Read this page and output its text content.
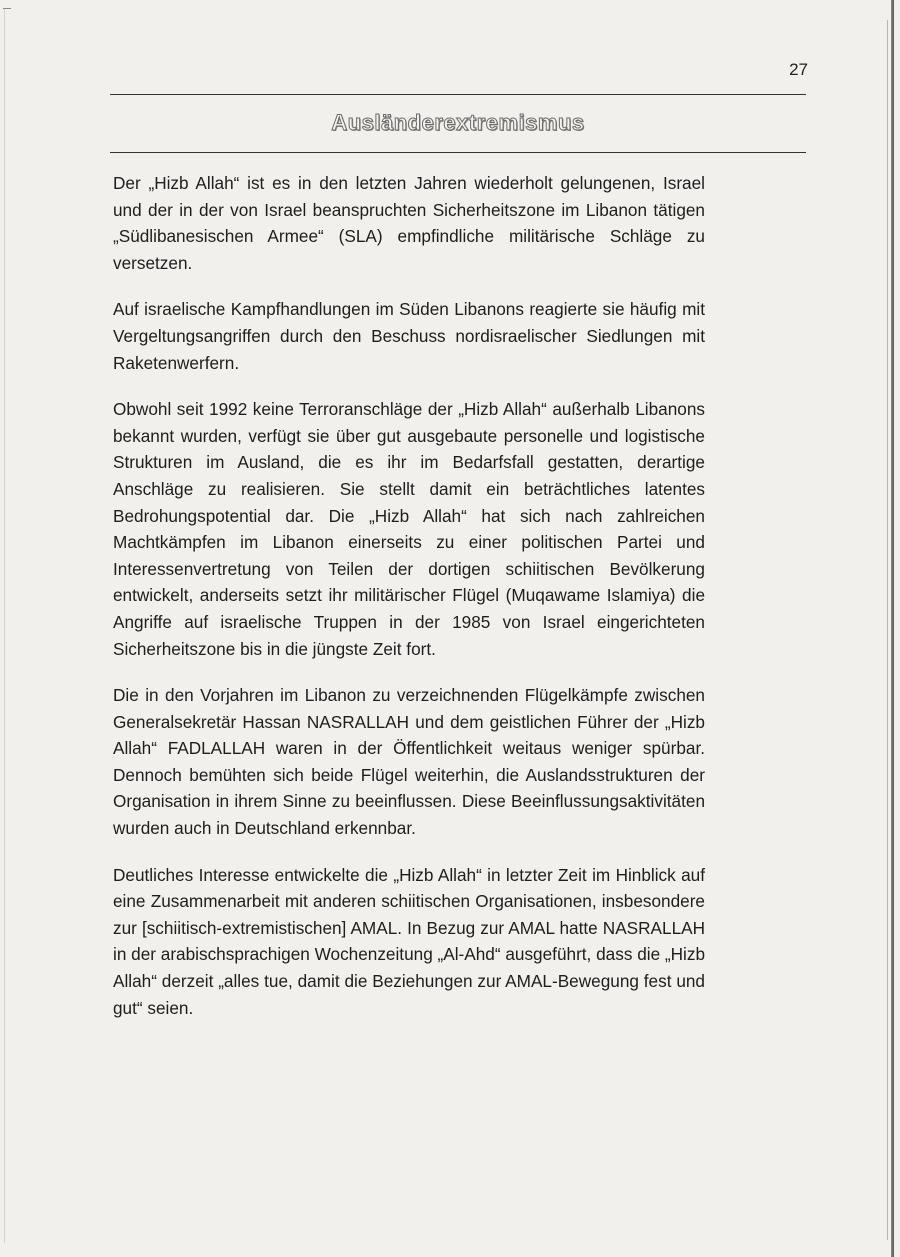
27
Ausländerextremismus

Der „Hizb Allah“ ist es in den letzten Jahren wiederholt gelungenen, Israel und der in der von Israel beanspruchten Sicherheitszone im Libanon tätigen „Südlibanesischen Armee“ (SLA) empfindliche militärische Schläge zu versetzen.

Auf israelische Kampfhandlungen im Süden Libanons reagierte sie häufig mit Vergeltungsangriffen durch den Beschuss nordisraelischer Siedlungen mit Raketenwerfern.

Obwohl seit 1992 keine Terroranschläge der „Hizb Allah“ außerhalb Libanons bekannt wurden, verfügt sie über gut ausgebaute personelle und logistische Strukturen im Ausland, die es ihr im Bedarfsfall gestatten, derartige Anschläge zu realisieren. Sie stellt damit ein beträchtliches latentes Bedrohungspotential dar. Die „Hizb Allah“ hat sich nach zahlreichen Machtkämpfen im Libanon einerseits zu einer politischen Partei und Interessenvertretung von Teilen der dortigen schiitischen Bevölkerung entwickelt, anderseits setzt ihr militärischer Flügel (Muqawame Islamiya) die Angriffe auf israelische Truppen in der 1985 von Israel eingerichteten Sicherheitszone bis in die jüngste Zeit fort.

Die in den Vorjahren im Libanon zu verzeichnenden Flügelkämpfe zwischen Generalsekretär Hassan NASRALLAH und dem geistlichen Führer der „Hizb Allah“ FADLALLAH waren in der Öffentlichkeit weitaus weniger spürbar. Dennoch bemühten sich beide Flügel weiterhin, die Auslandsstrukturen der Organisation in ihrem Sinne zu beeinflussen. Diese Beeinflussungsaktivitäten wurden auch in Deutschland erkennbar.

Deutliches Interesse entwickelte die „Hizb Allah“ in letzter Zeit im Hinblick auf eine Zusammenarbeit mit anderen schiitischen Organisationen, insbesondere zur [schiitisch-extremistischen] AMAL. In Bezug zur AMAL hatte NASRALLAH in der arabischsprachigen Wochenzeitung „Al-Ahd“ ausgeführt, dass die „Hizb Allah“ derzeit „alles tue, damit die Beziehungen zur AMAL-Bewegung fest und gut“ seien.
